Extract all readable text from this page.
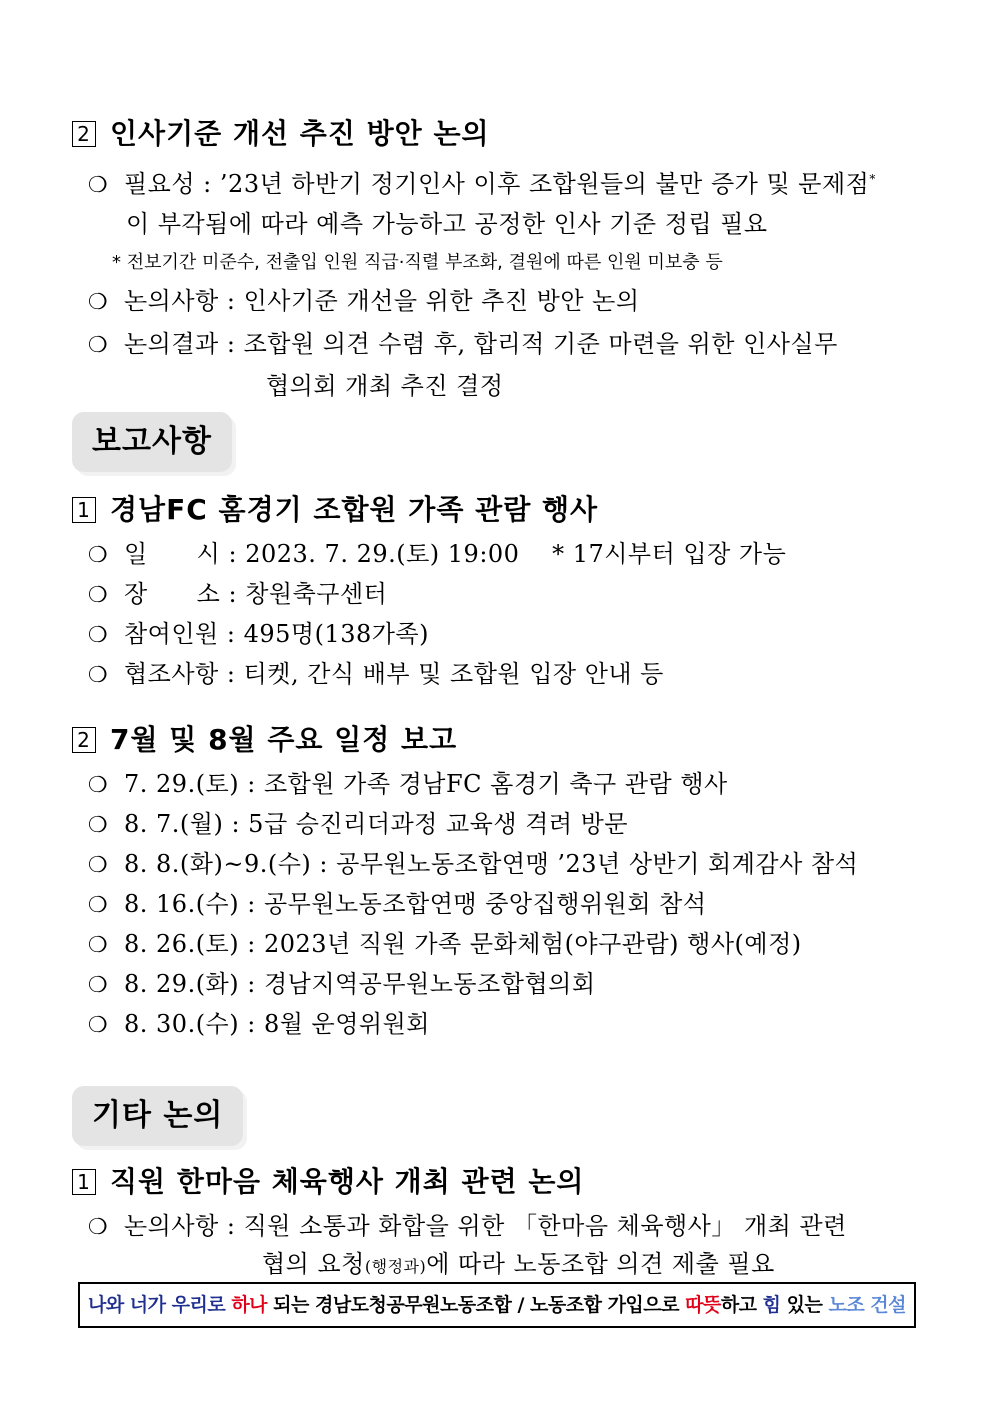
2 인사기준 개선 추진 방안 논의
❍ 필요성 : ’23년 하반기 정기인사 이후 조합원들의 불만 증가 및 문제점*
이 부각됨에 따라 예측 가능하고 공정한 인사 기준 정립 필요
* 전보기간 미준수, 전출입 인원 직급·직렬 부조화, 결원에 따른 인원 미보충 등
❍ 논의사항 : 인사기준 개선을 위한 추진 방안 논의
❍ 논의결과 : 조합원 의견 수렴 후, 합리적 기준 마련을 위한 인사실무
협의회 개최 추진 결정
보고사항
1 경남FC 홈경기 조합원 가족 관람 행사
❍ 일　　시 : 2023. 7. 29.(토) 19:00　 * 17시부터 입장 가능
❍ 장　　소 : 창원축구센터
❍ 참여인원 : 495명(138가족)
❍ 협조사항 : 티켓, 간식 배부 및 조합원 입장 안내 등
2 7월 및 8월 주요 일정 보고
❍ 7. 29.(토) : 조합원 가족 경남FC 홈경기 축구 관람 행사
❍ 8. 7.(월) : 5급 승진리더과정 교육생 격려 방문
❍ 8. 8.(화)~9.(수) : 공무원노동조합연맹 ’23년 상반기 회계감사 참석
❍ 8. 16.(수) : 공무원노동조합연맹 중앙집행위원회 참석
❍ 8. 26.(토) : 2023년 직원 가족 문화체험(야구관람) 행사(예정)
❍ 8. 29.(화) : 경남지역공무원노동조합협의회
❍ 8. 30.(수) : 8월 운영위원회
기타 논의
1 직원 한마음 체육행사 개최 관련 논의
❍ 논의사항 : 직원 소통과 화합을 위한 「한마음 체육행사」 개최 관련
협의 요청(행정과)에 따라 노동조합 의견 제출 필요
나와 너가 우리로 하나 되는 경남도청공무원노동조합 / 노동조합 가입으로 따뜻하고 힘 있는 노조 건설
